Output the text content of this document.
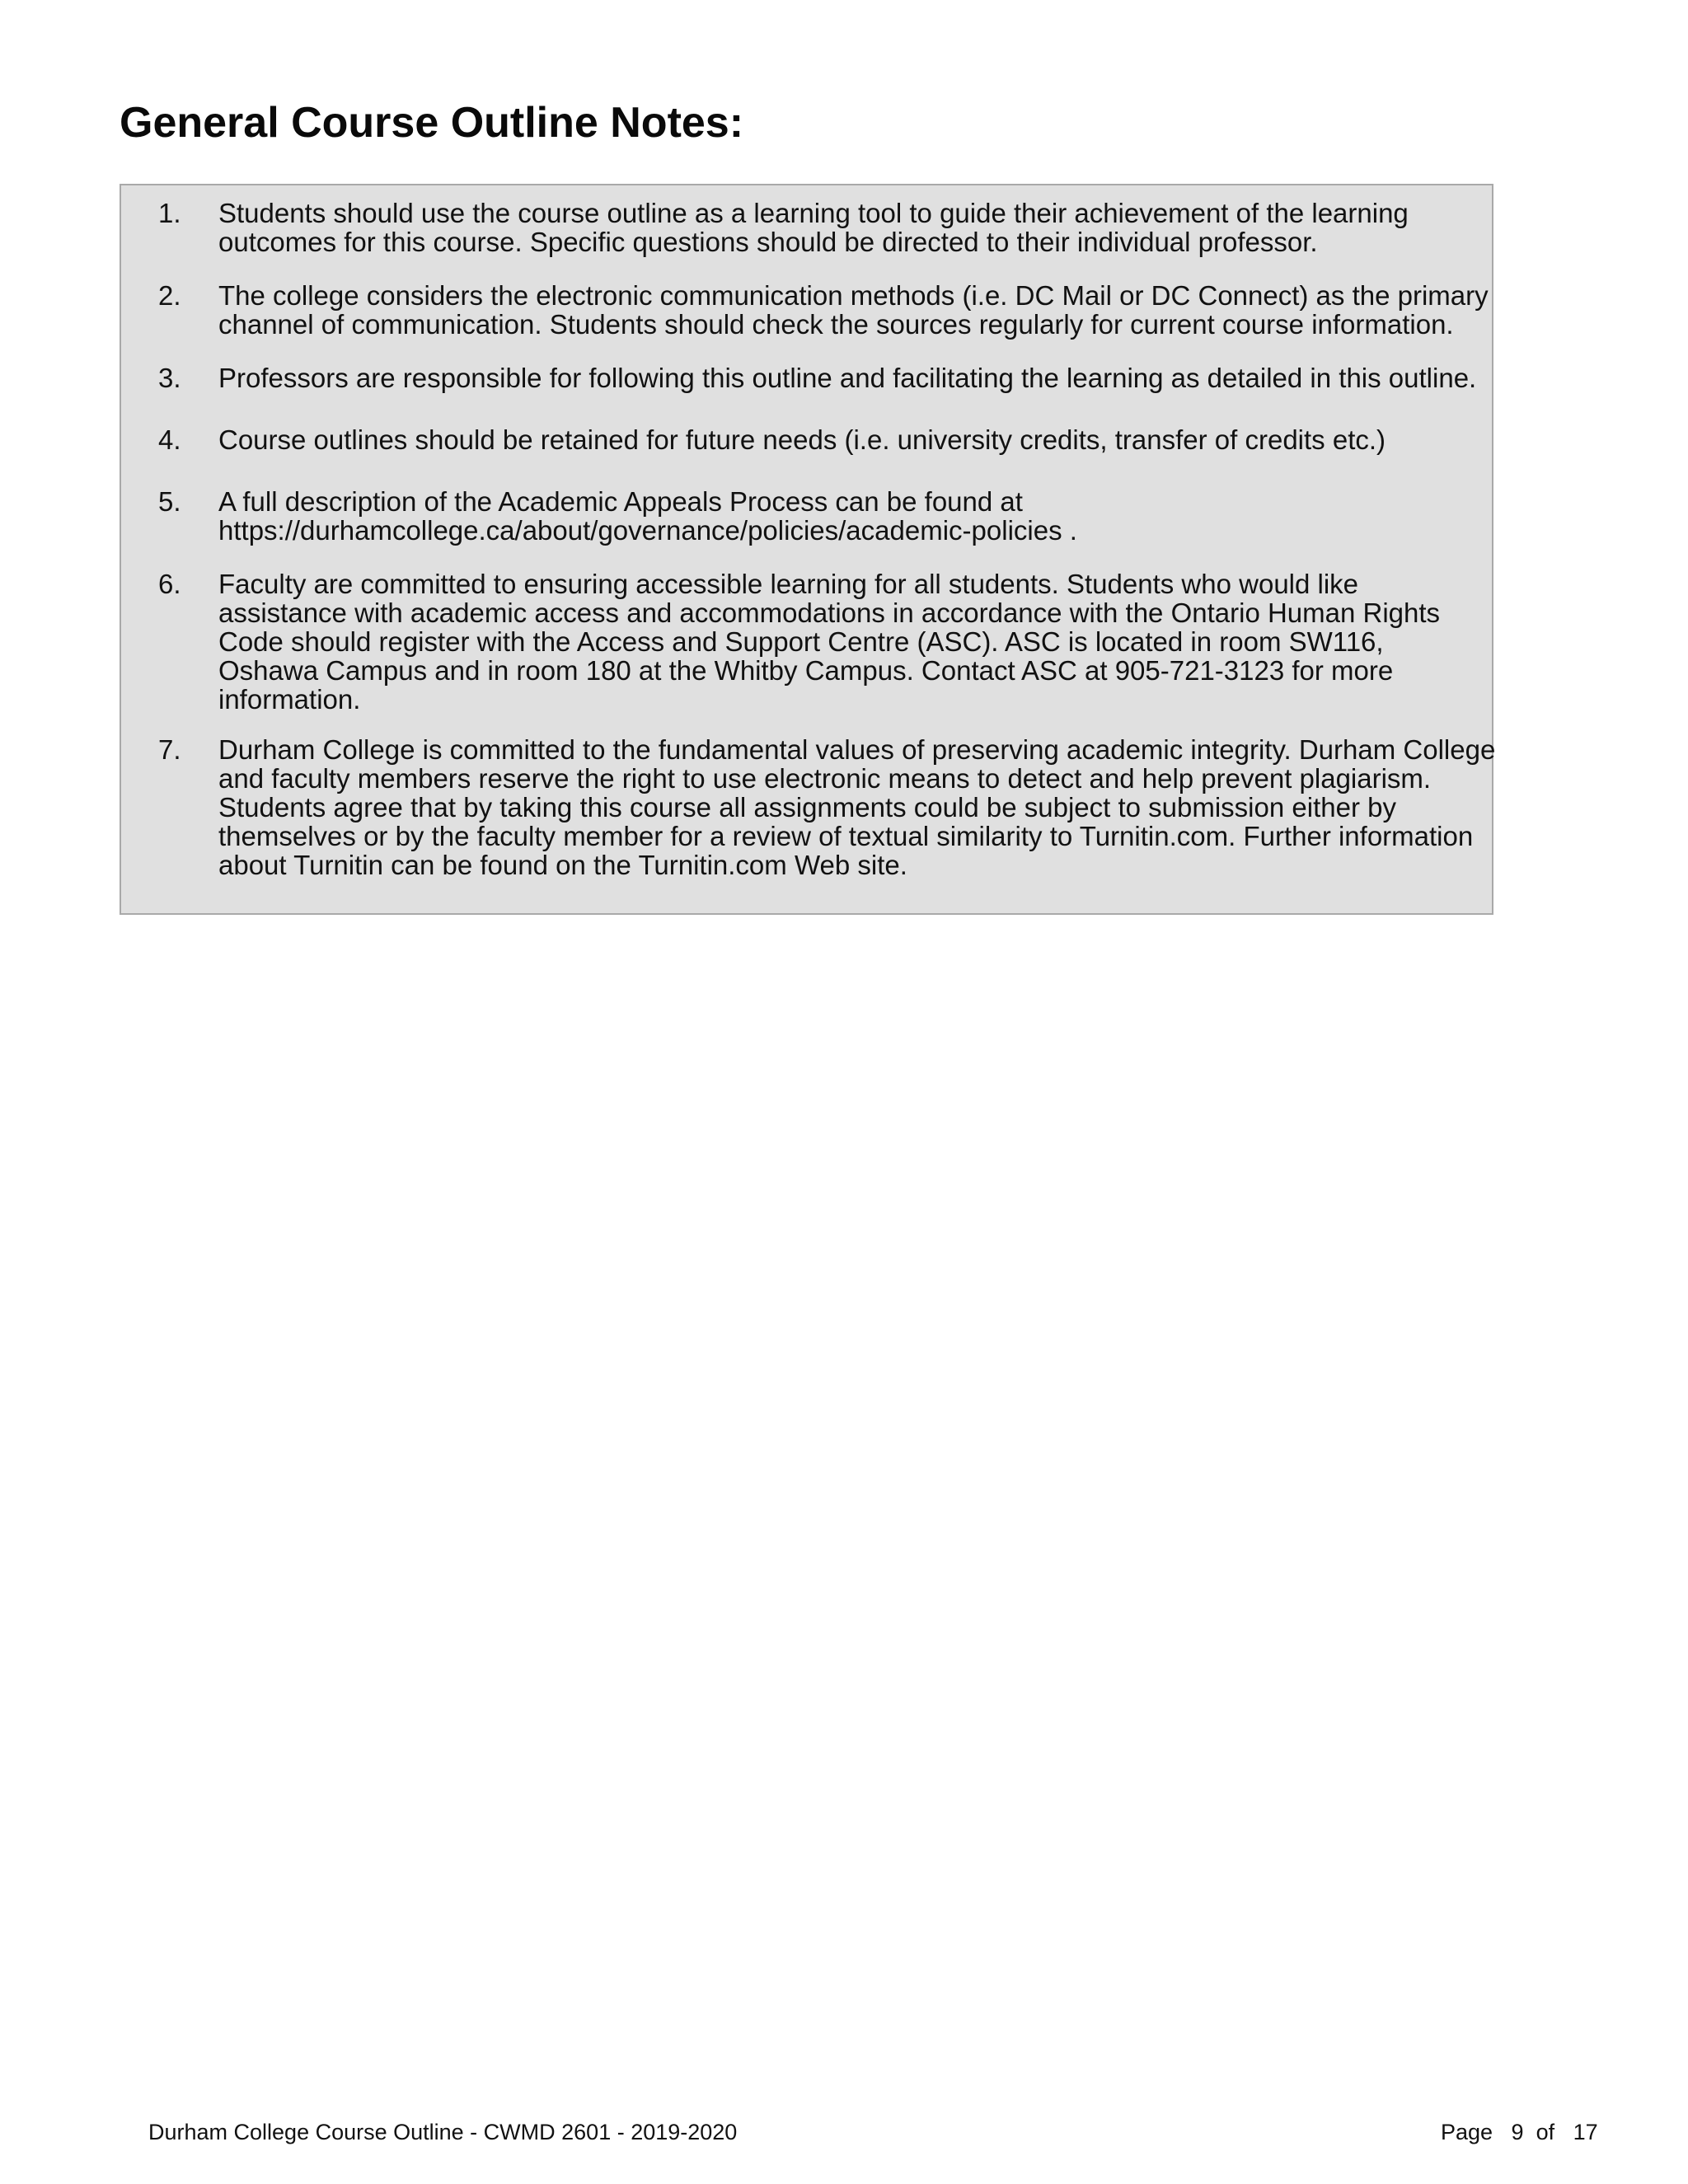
General Course Outline Notes:
1. Students should use the course outline as a learning tool to guide their achievement of the learning
outcomes for this course. Specific questions should be directed to their individual professor.
2. The college considers the electronic communication methods (i.e. DC Mail or DC Connect) as the primary
channel of communication. Students should check the sources regularly for current course information.
3. Professors are responsible for following this outline and facilitating the learning as detailed in this outline.
4. Course outlines should be retained for future needs (i.e. university credits, transfer of credits etc.)
5. A full description of the Academic Appeals Process can be found at
https://durhamcollege.ca/about/governance/policies/academic-policies .
6. Faculty are committed to ensuring accessible learning for all students. Students who would like
assistance with academic access and accommodations in accordance with the Ontario Human Rights
Code should register with the Access and Support Centre (ASC). ASC is located in room SW116,
Oshawa Campus and in room 180 at the Whitby Campus. Contact ASC at 905-721-3123 for more
information.
7. Durham College is committed to the fundamental values of preserving academic integrity. Durham College
and faculty members reserve the right to use electronic means to detect and help prevent plagiarism.
Students agree that by taking this course all assignments could be subject to submission either by
themselves or by the faculty member for a review of textual similarity to Turnitin.com. Further information
about Turnitin can be found on the Turnitin.com Web site.
Durham College Course Outline - CWMD 2601 - 2019-2020	Page   9  of   17
